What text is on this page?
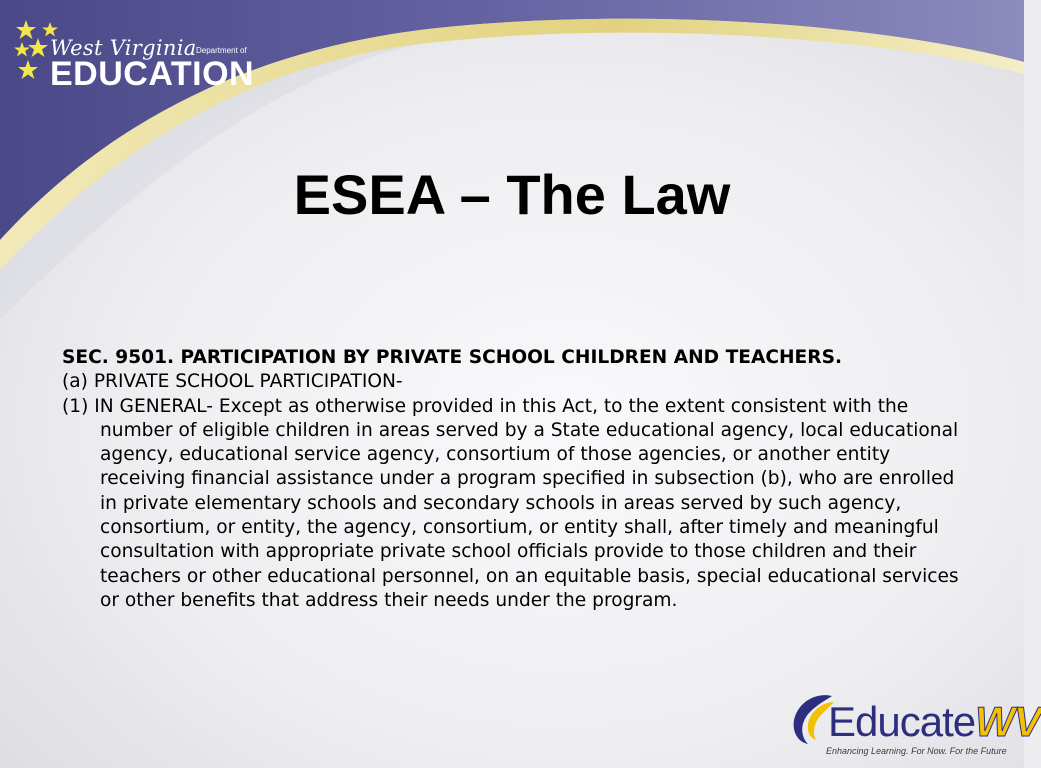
West Virginia Department of
EDUCATION
ESEA – The Law

SEC. 9501. PARTICIPATION BY PRIVATE SCHOOL CHILDREN AND TEACHERS.

(a) PRIVATE SCHOOL PARTICIPATION-

(1) IN GENERAL- Except as otherwise provided in this Act, to the extent consistent with the number of eligible children in areas served by a State educational agency, local educational agency, educational service agency, consortium of those agencies, or another entity receiving financial assistance under a program specified in subsection (b), who are enrolled in private elementary schools and secondary schools in areas served by such agency, consortium, or entity, the agency, consortium, or entity shall, after timely and meaningful consultation with appropriate private school officials provide to those children and their teachers or other educational personnel, on an equitable basis, special educational services or other benefits that address their needs under the program.

EducateWV
Enhancing Learning. For Now. For the Future
